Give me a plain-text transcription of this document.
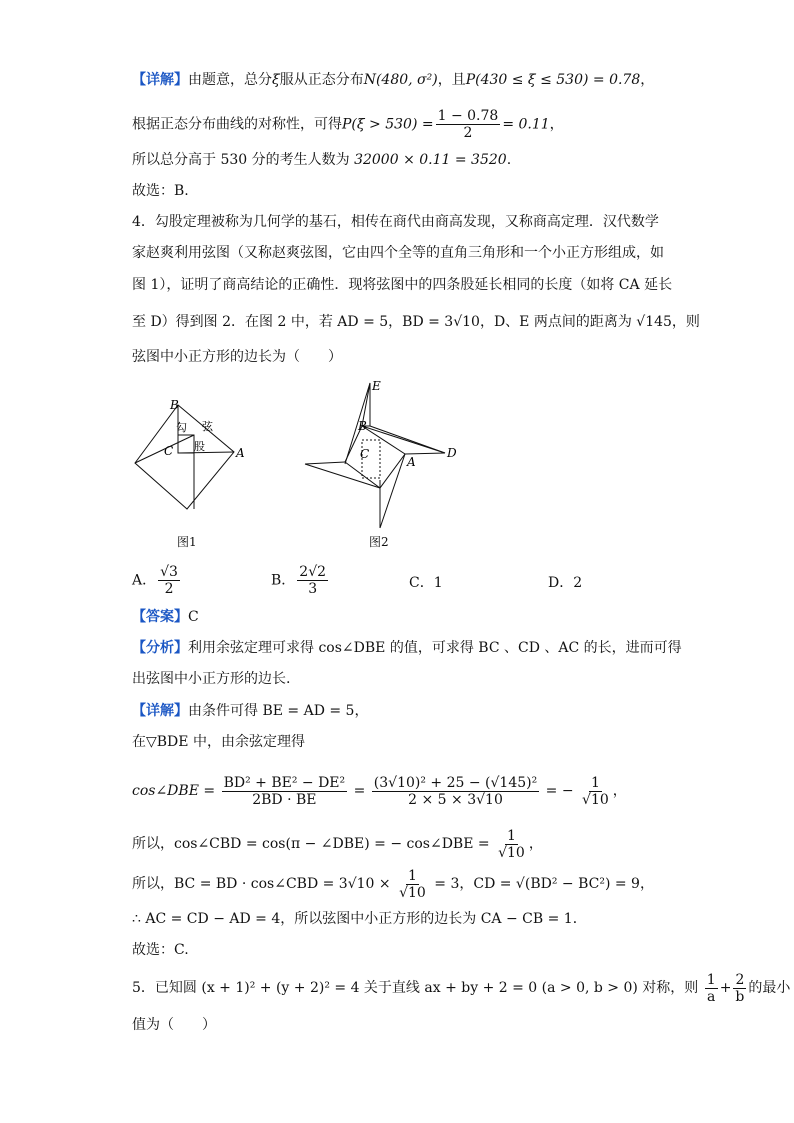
【详解】由题意，总分ξ服从正态分布N(480, σ²)，且P(430 ≤ ξ ≤ 530) = 0.78，
根据正态分布曲线的对称性，可得$P(\xi > 530) = \frac{1 - 0.78}{2} = 0.11$，
所以总分高于 530 分的考生人数为 32000 × 0.11 = 3520.
故选：B.
4．勾股定理被称为几何学的基石，相传在商代由商高发现，又称商高定理．汉代数学
家赵爽利用弦图（又称赵爽弦图，它由四个全等的直角三角形和一个小正方形组成，如
图 1），证明了商高结论的正确性．现将弦图中的四条股延长相同的长度（如将 CA 延长
至 D）得到图 2．在图 2 中，若 AD = 5，BD = 3√10，D、E 两点间的距离为 √145，则
弦图中小正方形的边长为（　　）
B
C	A
勾
股
弦
图1
E
B
C
A
D
图2
A． $\frac{√3}{2}$	B． $\frac{2√2}{3}$	C．1	D．2
【答案】C
【分析】利用余弦定理可求得 cos∠DBE 的值，可求得 BC 、CD 、AC 的长，进而可得
出弦图中小正方形的边长.
【详解】由条件可得 BE = AD = 5，
在▽BDE 中，由余弦定理得
cos∠DBE = $\frac{\text{BD² + BE² − DE²}}{2BD \cdot BE} = \frac{\text{(3√10)² + 25 − (√145)²}}{2 \times 5 \times 3√10}$ = − $\frac{1}{√10}$ ，
所以，cos∠CBD = cos(π − ∠DBE) = − cos∠DBE = $\frac{1}{√10}$ ，
所以，BC = BD · cos∠CBD = $3√10 \times \frac{1}{√10} = 3$，CD = √(BD² − BC²) = 9，
∴ AC = CD − AD = 4，所以弦图中小正方形的边长为 CA − CB = 1．
故选：C.
5．已知圆 (x + 1)² + (y + 2)² = 4 关于直线 ax + by + 2 = 0 (a > 0, b > 0) 对称，则 $\frac{1}{a} + \frac{2}{b}$ 的最小
值为（　　）
